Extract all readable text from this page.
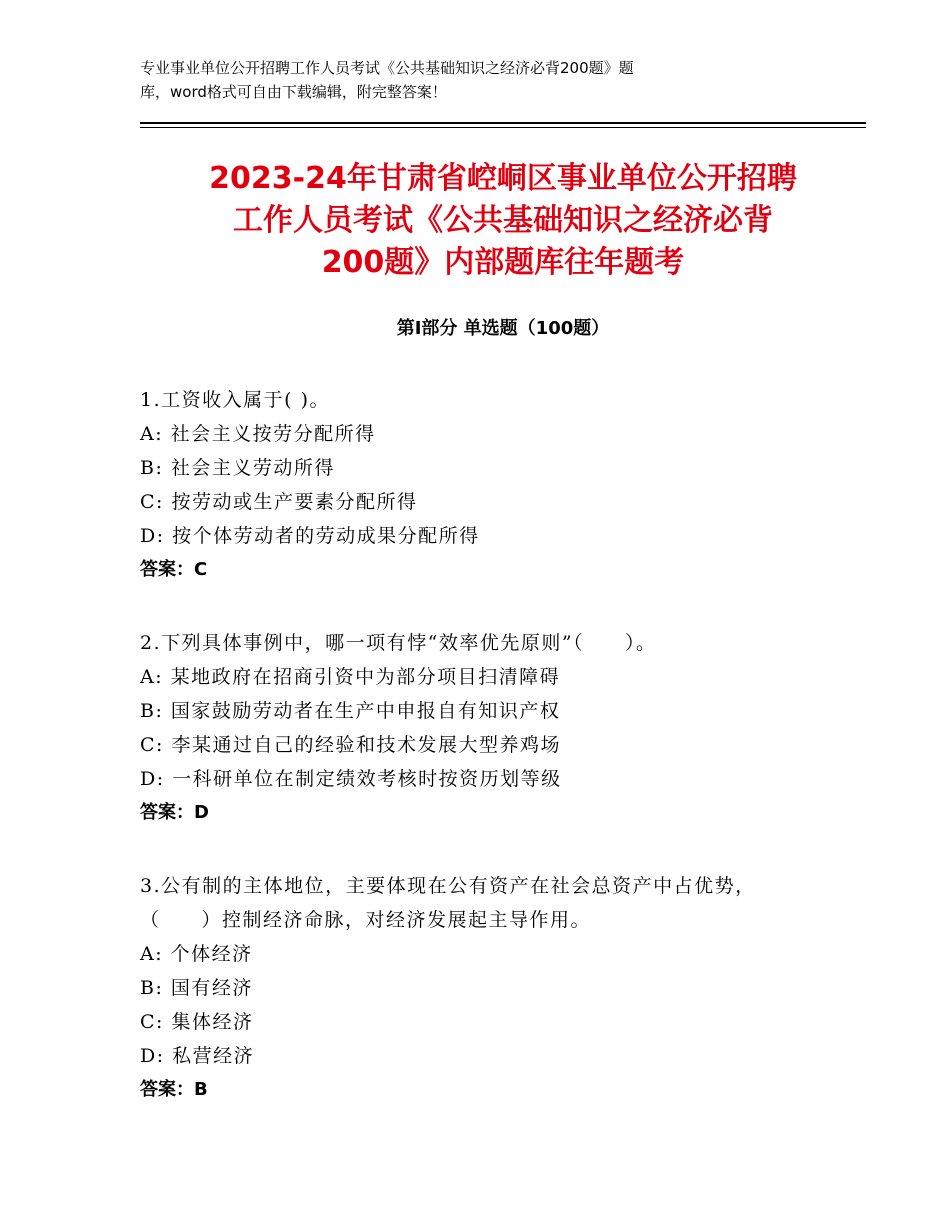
专业事业单位公开招聘工作人员考试《公共基础知识之经济必背200题》题
库，word格式可自由下载编辑，附完整答案！
2023-24年甘肃省崆峒区事业单位公开招聘
工作人员考试《公共基础知识之经济必背
200题》内部题库往年题考
第Ⅰ部分 单选题（100题）
1.工资收入属于( )。
A: 社会主义按劳分配所得
B: 社会主义劳动所得
C: 按劳动或生产要素分配所得
D: 按个体劳动者的劳动成果分配所得
答案：C
2.下列具体事例中，哪一项有悖“效率优先原则”（　　）。
A: 某地政府在招商引资中为部分项目扫清障碍
B: 国家鼓励劳动者在生产中申报自有知识产权
C: 李某通过自己的经验和技术发展大型养鸡场
D: 一科研单位在制定绩效考核时按资历划等级
答案：D
3.公有制的主体地位，主要体现在公有资产在社会总资产中占优势，
（　　）控制经济命脉，对经济发展起主导作用。
A: 个体经济
B: 国有经济
C: 集体经济
D: 私营经济
答案：B
